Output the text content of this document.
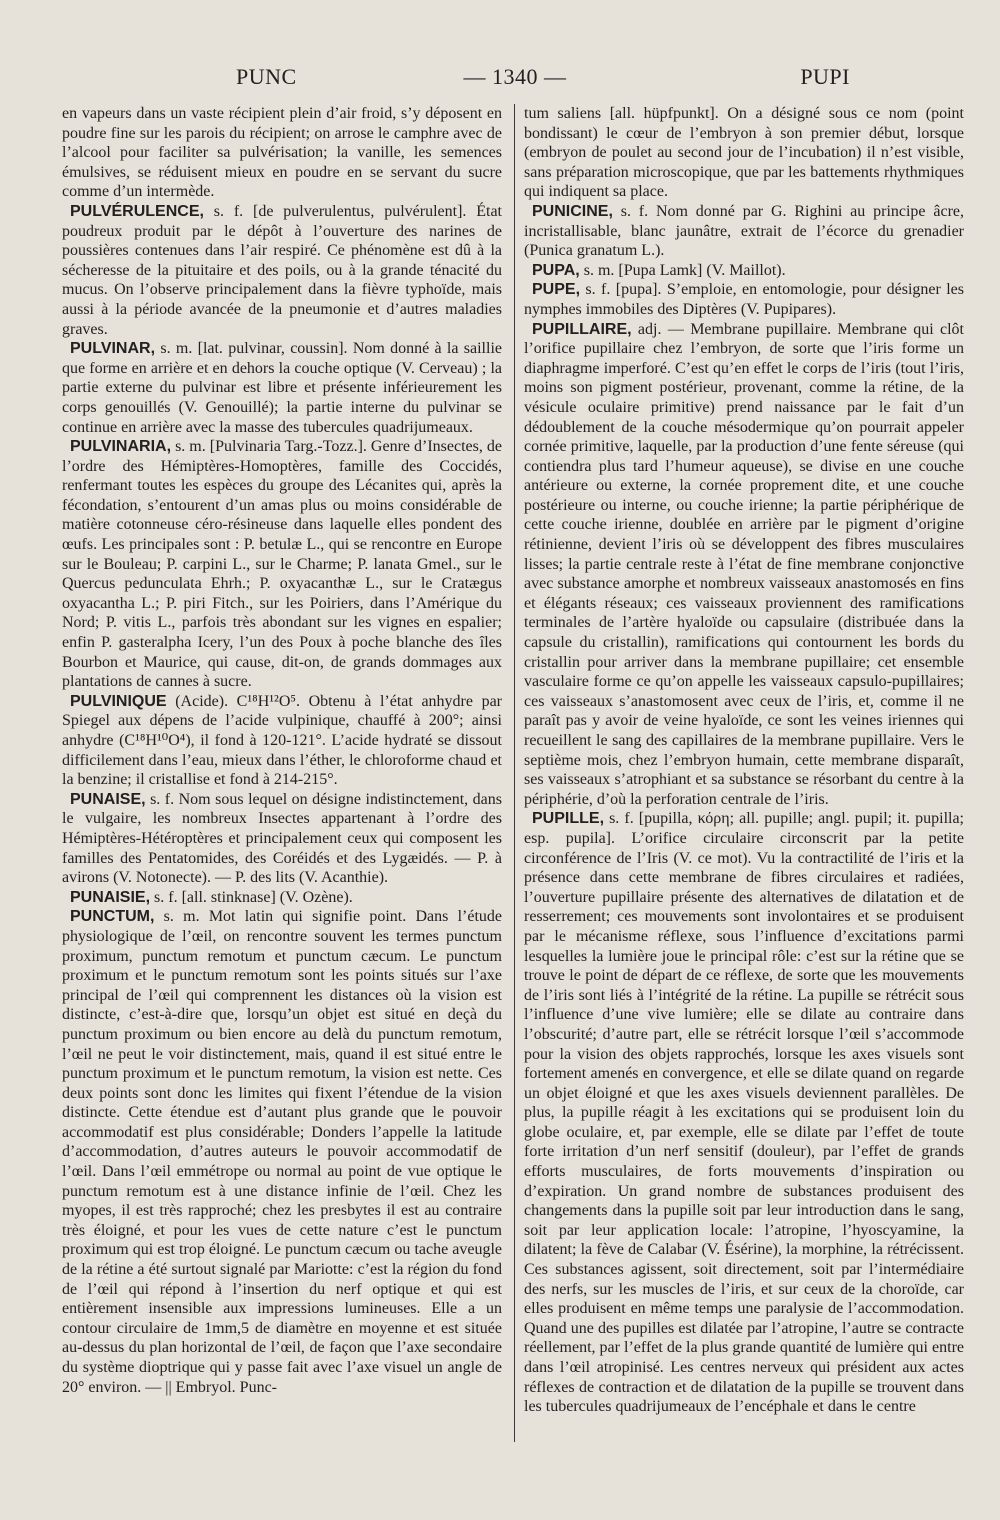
PUNC	— 1340 —	PUPI

en vapeurs dans un vaste récipient plein d’air froid, s’y déposent en poudre fine sur les parois du récipient; on arrose le camphre avec de l’alcool pour faciliter sa pulvérisation; la vanille, les semences émulsives, se réduisent mieux en poudre en se servant du sucre comme d’un intermède.

PULVÉRULENCE, s. f. [de pulverulentus, pulvérulent]. État poudreux produit par le dépôt à l’ouverture des narines de poussières contenues dans l’air respiré. Ce phénomène est dû à la sécheresse de la pituitaire et des poils, ou à la grande ténacité du mucus. On l’observe principalement dans la fièvre typhoïde, mais aussi à la période avancée de la pneumonie et d’autres maladies graves.

PULVINAR, s. m. [lat. pulvinar, coussin]. Nom donné à la saillie que forme en arrière et en dehors la couche optique (V. Cerveau) ; la partie externe du pulvinar est libre et présente inférieurement les corps genouillés (V. Genouillé); la partie interne du pulvinar se continue en arrière avec la masse des tubercules quadrijumeaux.

PULVINARIA, s. m. [Pulvinaria Targ.-Tozz.]. Genre d’Insectes, de l’ordre des Hémiptères-Homoptères, famille des Coccidés, renfermant toutes les espèces du groupe des Lécanites qui, après la fécondation, s’entourent d’un amas plus ou moins considérable de matière cotonneuse céro-résineuse dans laquelle elles pondent des œufs. Les principales sont : P. betulæ L., qui se rencontre en Europe sur le Bouleau; P. carpini L., sur le Charme; P. lanata Gmel., sur le Quercus pedunculata Ehrh.; P. oxyacanthæ L., sur le Cratægus oxyacantha L.; P. piri Fitch., sur les Poiriers, dans l’Amérique du Nord; P. vitis L., parfois très abondant sur les vignes en espalier; enfin P. gasteralpha Icery, l’un des Poux à poche blanche des îles Bourbon et Maurice, qui cause, dit-on, de grands dommages aux plantations de cannes à sucre.

PULVINIQUE (Acide). C¹⁸H¹²O⁵. Obtenu à l’état anhydre par Spiegel aux dépens de l’acide vulpinique, chauffé à 200°; ainsi anhydre (C¹⁸H¹⁰O⁴), il fond à 120-121°. L’acide hydraté se dissout difficilement dans l’eau, mieux dans l’éther, le chloroforme chaud et la benzine; il cristallise et fond à 214-215°.

PUNAISE, s. f. Nom sous lequel on désigne indistinctement, dans le vulgaire, les nombreux Insectes appartenant à l’ordre des Hémiptères-Hétéroptères et principalement ceux qui composent les familles des Pentatomides, des Coréidés et des Lygæidés. — P. à avirons (V. Notonecte). — P. des lits (V. Acanthie).

PUNAISIE, s. f. [all. stinknase] (V. Ozène).

PUNCTUM, s. m. Mot latin qui signifie point. Dans l’étude physiologique de l’œil, on rencontre souvent les termes punctum proximum, punctum remotum et punctum cæcum. Le punctum proximum et le punctum remotum sont les points situés sur l’axe principal de l’œil qui comprennent les distances où la vision est distincte, c’est-à-dire que, lorsqu’un objet est situé en deçà du punctum proximum ou bien encore au delà du punctum remotum, l’œil ne peut le voir distinctement, mais, quand il est situé entre le punctum proximum et le punctum remotum, la vision est nette. Ces deux points sont donc les limites qui fixent l’étendue de la vision distincte. Cette étendue est d’autant plus grande que le pouvoir accommodatif est plus considérable; Donders l’appelle la latitude d’accommodation, d’autres auteurs le pouvoir accommodatif de l’œil. Dans l’œil emmétrope ou normal au point de vue optique le punctum remotum est à une distance infinie de l’œil. Chez les myopes, il est très rapproché; chez les presbytes il est au contraire très éloigné, et pour les vues de cette nature c’est le punctum proximum qui est trop éloigné. Le punctum cæcum ou tache aveugle de la rétine a été surtout signalé par Mariotte: c’est la région du fond de l’œil qui répond à l’insertion du nerf optique et qui est entièrement insensible aux impressions lumineuses. Elle a un contour circulaire de 1mm,5 de diamètre en moyenne et est située au-dessus du plan horizontal de l’œil, de façon que l’axe secondaire du système dioptrique qui y passe fait avec l’axe visuel un angle de 20° environ. — || Embryol. Punc-

tum saliens [all. hüpfpunkt]. On a désigné sous ce nom (point bondissant) le cœur de l’embryon à son premier début, lorsque (embryon de poulet au second jour de l’incubation) il n’est visible, sans préparation microscopique, que par les battements rhythmiques qui indiquent sa place.

PUNICINE, s. f. Nom donné par G. Righini au principe âcre, incristallisable, blanc jaunâtre, extrait de l’écorce du grenadier (Punica granatum L.).

PUPA, s. m. [Pupa Lamk] (V. Maillot).

PUPE, s. f. [pupa]. S’emploie, en entomologie, pour désigner les nymphes immobiles des Diptères (V. Pupipares).

PUPILLAIRE, adj. — Membrane pupillaire. Membrane qui clôt l’orifice pupillaire chez l’embryon, de sorte que l’iris forme un diaphragme imperforé. C’est qu’en effet le corps de l’iris (tout l’iris, moins son pigment postérieur, provenant, comme la rétine, de la vésicule oculaire primitive) prend naissance par le fait d’un dédoublement de la couche mésodermique qu’on pourrait appeler cornée primitive, laquelle, par la production d’une fente séreuse (qui contiendra plus tard l’humeur aqueuse), se divise en une couche antérieure ou externe, la cornée proprement dite, et une couche postérieure ou interne, ou couche irienne; la partie périphérique de cette couche irienne, doublée en arrière par le pigment d’origine rétinienne, devient l’iris où se développent des fibres musculaires lisses; la partie centrale reste à l’état de fine membrane conjonctive avec substance amorphe et nombreux vaisseaux anastomosés en fins et élégants réseaux; ces vaisseaux proviennent des ramifications terminales de l’artère hyaloïde ou capsulaire (distribuée dans la capsule du cristallin), ramifications qui contournent les bords du cristallin pour arriver dans la membrane pupillaire; cet ensemble vasculaire forme ce qu’on appelle les vaisseaux capsulo-pupillaires; ces vaisseaux s’anastomosent avec ceux de l’iris, et, comme il ne paraît pas y avoir de veine hyaloïde, ce sont les veines iriennes qui recueillent le sang des capillaires de la membrane pupillaire. Vers le septième mois, chez l’embryon humain, cette membrane disparaît, ses vaisseaux s’atrophiant et sa substance se résorbant du centre à la périphérie, d’où la perforation centrale de l’iris.

PUPILLE, s. f. [pupilla, κόρη; all. pupille; angl. pupil; it. pupilla; esp. pupila]. L’orifice circulaire circonscrit par la petite circonférence de l’Iris (V. ce mot). Vu la contractilité de l’iris et la présence dans cette membrane de fibres circulaires et radiées, l’ouverture pupillaire présente des alternatives de dilatation et de resserrement; ces mouvements sont involontaires et se produisent par le mécanisme réflexe, sous l’influence d’excitations parmi lesquelles la lumière joue le principal rôle: c’est sur la rétine que se trouve le point de départ de ce réflexe, de sorte que les mouvements de l’iris sont liés à l’intégrité de la rétine. La pupille se rétrécit sous l’influence d’une vive lumière; elle se dilate au contraire dans l’obscurité; d’autre part, elle se rétrécit lorsque l’œil s’accommode pour la vision des objets rapprochés, lorsque les axes visuels sont fortement amenés en convergence, et elle se dilate quand on regarde un objet éloigné et que les axes visuels deviennent parallèles. De plus, la pupille réagit à les excitations qui se produisent loin du globe oculaire, et, par exemple, elle se dilate par l’effet de toute forte irritation d’un nerf sensitif (douleur), par l’effet de grands efforts musculaires, de forts mouvements d’inspiration ou d’expiration. Un grand nombre de substances produisent des changements dans la pupille soit par leur introduction dans le sang, soit par leur application locale: l’atropine, l’hyoscyamine, la dilatent; la fève de Calabar (V. Ésérine), la morphine, la rétrécissent. Ces substances agissent, soit directement, soit par l’intermédiaire des nerfs, sur les muscles de l’iris, et sur ceux de la choroïde, car elles produisent en même temps une paralysie de l’accommodation. Quand une des pupilles est dilatée par l’atropine, l’autre se contracte réellement, par l’effet de la plus grande quantité de lumière qui entre dans l’œil atropinisé. Les centres nerveux qui président aux actes réflexes de contraction et de dilatation de la pupille se trouvent dans les tubercules quadrijumeaux de l’encéphale et dans le centre
